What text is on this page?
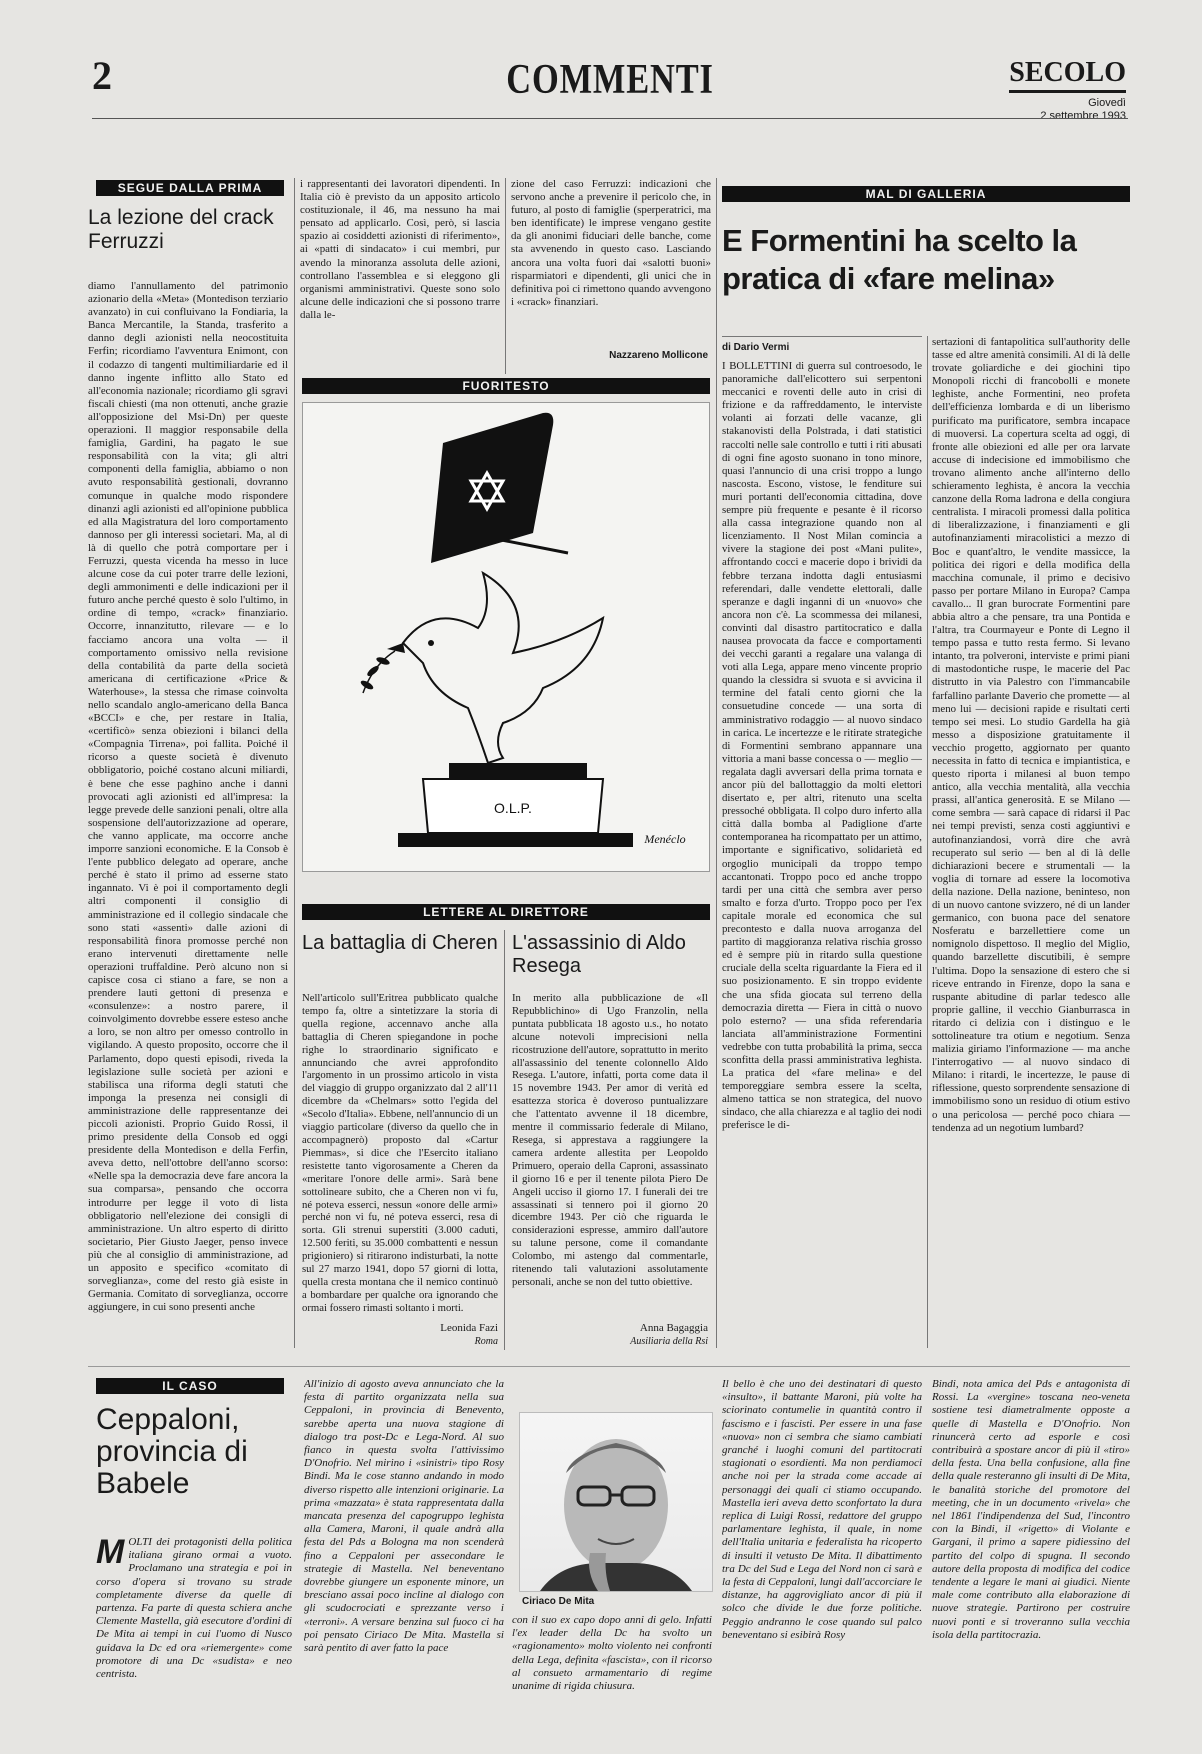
2	COMMENTI	SECOLO
Giovedì
2 settembre 1993
SEGUE DALLA PRIMA
La lezione del crack Ferruzzi

diamo l'annullamento del patrimonio azionario della «Meta» (Montedison terziario avanzato) in cui confluivano la Fondiaria, la Banca Mercantile, la Standa, trasferito a danno degli azionisti nella neocostituita Ferfin; ricordiamo l'avventura Enimont, con il codazzo di tangenti multimiliardarie ed il danno ingente inflitto allo Stato ed all'economia nazionale; ricordiamo gli sgravi fiscali chiesti (ma non ottenuti, anche grazie all'opposizione del Msi-Dn) per queste operazioni. Il maggior responsabile della famiglia, Gardini, ha pagato le sue responsabilità con la vita; gli altri componenti della famiglia, abbiamo o non avuto responsabilità gestionali, dovranno comunque in qualche modo rispondere dinanzi agli azionisti ed all'opinione pubblica ed alla Magistratura del loro comportamento dannoso per gli interessi societari. Ma, al di là di quello che potrà comportare per i Ferruzzi, questa vicenda ha messo in luce alcune cose da cui poter trarre delle lezioni, degli ammonimenti e delle indicazioni per il futuro anche perché questo è solo l'ultimo, in ordine di tempo, «crack» finanziario. Occorre, innanzitutto, rilevare — e lo facciamo ancora una volta — il comportamento omissivo nella revisione della contabilità da parte della società americana di certificazione «Price & Waterhouse», la stessa che rimase coinvolta nello scandalo anglo-americano della Banca «BCCI» e che, per restare in Italia, «certificò» senza obiezioni i bilanci della «Compagnia Tirrena», poi fallita. Poiché il ricorso a queste società è divenuto obbligatorio, poiché costano alcuni miliardi, è bene che esse paghino anche i danni provocati agli azionisti ed all'impresa: la legge prevede delle sanzioni penali, oltre alla sospensione dell'autorizzazione ad operare, che vanno applicate, ma occorre anche imporre sanzioni economiche. E la Consob è l'ente pubblico delegato ad operare, anche perché è stato il primo ad esserne stato ingannato. Vi è poi il comportamento degli altri componenti il consiglio di amministrazione ed il collegio sindacale che sono stati «assenti» dalle azioni di responsabilità finora promosse perché non erano intervenuti direttamente nelle operazioni truffaldine. Però alcuno non si capisce cosa ci stiano a fare, se non a prendere lauti gettoni di presenza e «consulenze»: a nostro parere, il coinvolgimento dovrebbe essere esteso anche a loro, se non altro per omesso controllo in vigilando. A questo proposito, occorre che il Parlamento, dopo questi episodi, riveda la legislazione sulle società per azioni e stabilisca una riforma degli statuti che imponga la presenza nei consigli di amministrazione delle rappresentanze dei piccoli azionisti. Proprio Guido Rossi, il primo presidente della Consob ed oggi presidente della Montedison e della Ferfin, aveva detto, nell'ottobre dell'anno scorso: «Nelle spa la democrazia deve fare ancora la sua comparsa», pensando che occorra introdurre per legge il voto di lista obbligatorio nell'elezione dei consigli di amministrazione. Un altro esperto di diritto societario, Pier Giusto Jaeger, penso invece più che al consiglio di amministrazione, ad un apposito e specifico «comitato di sorveglianza», come del resto già esiste in Germania. Comitato di sorveglianza, occorre aggiungere, in cui sono presenti anche

i rappresentanti dei lavoratori dipendenti. In Italia ciò è previsto da un apposito articolo costituzionale, il 46, ma nessuno ha mai pensato ad applicarlo. Così, però, si lascia spazio ai cosiddetti azionisti di riferimento», ai «patti di sindacato» i cui membri, pur avendo la minoranza assoluta delle azioni, controllano l'assemblea e si eleggono gli organismi amministrativi. Queste sono solo alcune delle indicazioni che si possono trarre dalla le-

zione del caso Ferruzzi: indicazioni che servono anche a prevenire il pericolo che, in futuro, al posto di famiglie (sperperatrici, ma ben identificate) le imprese vengano gestite da gli anonimi fiduciari delle banche, come sta avvenendo in questo caso. Lasciando ancora una volta fuori dai «salotti buoni» risparmiatori e dipendenti, gli unici che in definitiva poi ci rimettono quando avvengono i «crack» finanziari.

Nazzareno Mollicone
FUORITESTO
O.L.P.
Menéclo
LETTERE AL DIRETTORE
La battaglia di Cheren

Nell'articolo sull'Eritrea pubblicato qualche tempo fa, oltre a sintetizzare la storia di quella regione, accennavo anche alla battaglia di Cheren spiegandone in poche righe lo straordinario significato e annunciando che avrei approfondito l'argomento in un prossimo articolo in vista del viaggio di gruppo organizzato dal 2 all'11 dicembre da «Chelmars» sotto l'egida del «Secolo d'Italia». Ebbene, nell'annuncio di un viaggio particolare (diverso da quello che in accompagnerò) proposto dal «Cartur Piemmas», si dice che l'Esercito italiano resistette tanto vigorosamente a Cheren da «meritare l'onore delle armi». Sarà bene sottolineare subito, che a Cheren non vi fu, né poteva esserci, nessun «onore delle armi» perché non vi fu, né poteva esserci, resa di sorta. Gli strenui superstiti (3.000 caduti, 12.500 feriti, su 35.000 combattenti e nessun prigioniero) si ritirarono indisturbati, la notte sul 27 marzo 1941, dopo 57 giorni di lotta, quella cresta montana che il nemico continuò a bombardare per qualche ora ignorando che ormai fossero rimasti soltanto i morti.

Leonida Fazi
Roma
L'assassinio di Aldo Resega

In merito alla pubblicazione de «Il Repubblichino» di Ugo Franzolin, nella puntata pubblicata 18 agosto u.s., ho notato alcune notevoli imprecisioni nella ricostruzione dell'autore, soprattutto in merito all'assassinio del tenente colonnello Aldo Resega. L'autore, infatti, porta come data il 15 novembre 1943. Per amor di verità ed esattezza storica è doveroso puntualizzare che l'attentato avvenne il 18 dicembre, mentre il commissario federale di Milano, Resega, si apprestava a raggiungere la camera ardente allestita per Leopoldo Primuero, operaio della Caproni, assassinato il giorno 16 e per il tenente pilota Piero De Angeli ucciso il giorno 17. I funerali dei tre assassinati si tennero poi il giorno 20 dicembre 1943. Per ciò che riguarda le considerazioni espresse, ammiro dall'autore su talune persone, come il comandante Colombo, mi astengo dal commentarle, ritenendo tali valutazioni assolutamente personali, anche se non del tutto obiettive.

Anna Bagaggia
Ausiliaria della Rsi
MAL DI GALLERIA
E Formentini ha scelto la pratica di «fare melina»
di Dario Vermi

I BOLLETTINI di guerra sul controesodo, le panoramiche dall'elicottero sui serpentoni meccanici e roventi delle auto in crisi di frizione e da raffreddamento, le interviste volanti ai forzati delle vacanze, gli stakanovisti della Polstrada, i dati statistici raccolti nelle sale controllo e tutti i riti abusati di ogni fine agosto suonano in tono minore, quasi l'annuncio di una crisi troppo a lungo nascosta. Escono, vistose, le fenditure sui muri portanti dell'economia cittadina, dove sempre più frequente e pesante è il ricorso alla cassa integrazione quando non al licenziamento. Il Nost Milan comincia a vivere la stagione dei post «Mani pulite», affrontando cocci e macerie dopo i brividi da febbre terzana indotta dagli entusiasmi referendari, dalle vendette elettorali, dalle speranze e dagli inganni di un «nuovo» che ancora non c'è. La scommessa dei milanesi, convinti dal disastro partitocratico e dalla nausea provocata da facce e comportamenti dei vecchi garanti a regalare una valanga di voti alla Lega, appare meno vincente proprio quando la clessidra si svuota e si avvicina il termine del fatali cento giorni che la consuetudine concede — una sorta di amministrativo rodaggio — al nuovo sindaco in carica. Le incertezze e le ritirate strategiche di Formentini sembrano appannare una vittoria a mani basse concessa o — meglio — regalata dagli avversari della prima tornata e ancor più del ballottaggio da molti elettori disertato e, per altri, ritenuto una scelta pressoché obbligata. Il colpo duro inferto alla città dalla bomba al Padiglione d'arte contemporanea ha ricompattato per un attimo, importante e significativo, solidarietà ed orgoglio municipali da troppo tempo accantonati. Troppo poco ed anche troppo tardi per una città che sembra aver perso smalto e forza d'urto. Troppo poco per l'ex capitale morale ed economica che sul precontesto e dalla nuova arroganza del partito di maggioranza relativa rischia grosso ed è sempre più in ritardo sulla questione cruciale della scelta riguardante la Fiera ed il suo posizionamento. E sin troppo evidente che una sfida giocata sul terreno della democrazia diretta — Fiera in città o nuovo polo esterno? — una sfida referendaria lanciata all'amministrazione Formentini vedrebbe con tutta probabilità la prima, secca sconfitta della prassi amministrativa leghista. La pratica del «fare melina» e del temporeggiare sembra essere la scelta, almeno tattica se non strategica, del nuovo sindaco, che alla chiarezza e al taglio dei nodi preferisce le di-

sertazioni di fantapolitica sull'authority delle tasse ed altre amenità consimili. Al di là delle trovate goliardiche e dei giochini tipo Monopoli ricchi di francobolli e monete leghiste, anche Formentini, neo profeta dell'efficienza lombarda e di un liberismo purificato ma purificatore, sembra incapace di muoversi. La copertura scelta ad oggi, di fronte alle obiezioni ed alle per ora larvate accuse di indecisione ed immobilismo che trovano alimento anche all'interno dello schieramento leghista, è ancora la vecchia canzone della Roma ladrona e della congiura centralista. I miracoli promessi dalla politica di liberalizzazione, i finanziamenti e gli autofinanziamenti miracolistici a mezzo di Boc e quant'altro, le vendite massicce, la politica dei rigori e della modifica della macchina comunale, il primo e decisivo passo per portare Milano in Europa? Campa cavallo... Il gran burocrate Formentini pare abbia altro a che pensare, tra una Pontida e l'altra, tra Courmayeur e Ponte di Legno il tempo passa e tutto resta fermo. Si levano intanto, tra polveroni, interviste e primi piani di mastodontiche ruspe, le macerie del Pac distrutto in via Palestro con l'immancabile farfallino parlante Daverio che promette — al meno lui — decisioni rapide e risultati certi tempo sei mesi. Lo studio Gardella ha già messo a disposizione gratuitamente il vecchio progetto, aggiornato per quanto necessita in fatto di tecnica e impiantistica, e questo riporta i milanesi al buon tempo antico, alla vecchia mentalità, alla vecchia prassi, all'antica generosità. E se Milano — come sembra — sarà capace di ridarsi il Pac nei tempi previsti, senza costi aggiuntivi e autofinanziandosi, vorrà dire che avrà recuperato sul serio — ben al di là delle dichiarazioni becere e strumentali — la voglia di tornare ad essere la locomotiva della nazione. Della nazione, beninteso, non di un nuovo cantone svizzero, né di un lander germanico, con buona pace del senatore Nosferatu e barzellettiere come un nomignolo dispettoso. Il meglio del Miglio, quando barzellette discutibili, è sempre l'ultima. Dopo la sensazione di estero che si riceve entrando in Firenze, dopo la sana e ruspante abitudine di parlar tedesco alle proprie galline, il vecchio Gianburrasca in ritardo ci delizia con i distinguo e le sottolineature tra otium e negotium. Senza malizia giriamo l'informazione — ma anche l'interrogativo — al nuovo sindaco di Milano: i ritardi, le incertezze, le pause di riflessione, questo sorprendente sensazione di immobilismo sono un residuo di otium estivo o una pericolosa — perché poco chiara — tendenza ad un negotium lumbard?

IL CASO
Ceppaloni, provincia di Babele
MOLTI dei protagonisti della politica italiana girano ormai a vuoto. Proclamano una strategia e poi in corso d'opera si trovano su strade completamente diverse da quelle di partenza. Fa parte di questa schiera anche Clemente Mastella, già esecutore d'ordini di De Mita ai tempi in cui l'uomo di Nusco guidava la Dc ed ora «riemergente» come promotore di una Dc «sudista» e neo centrista.

All'inizio di agosto aveva annunciato che la festa di partito organizzata nella sua Ceppaloni, in provincia di Benevento, sarebbe aperta una nuova stagione di dialogo tra post-Dc e Lega-Nord. Al suo fianco in questa svolta l'attivissimo D'Onofrio. Nel mirino i «sinistri» tipo Rosy Bindi. Ma le cose stanno andando in modo diverso rispetto alle intenzioni originarie. La prima «mazzata» è stata rappresentata dalla mancata presenza del capogruppo leghista alla Camera, Maroni, il quale andrà alla festa del Pds a Bologna ma non scenderà fino a Ceppaloni per assecondare le strategie di Mastella. Nel beneventano dovrebbe giungere un esponente minore, un bresciano assai poco incline al dialogo con gli scudocrociati e sprezzante verso i «terroni». A versare benzina sul fuoco ci ha poi pensato Ciriaco De Mita. Mastella si sarà pentito di aver fatto la pace

Ciriaco De Mita

con il suo ex capo dopo anni di gelo. Infatti l'ex leader della Dc ha svolto un «ragionamento» molto violento nei confronti della Lega, definita «fascista», con il ricorso al consueto armamentario di regime unanime di rigida chiusura.

Il bello è che uno dei destinatari di questo «insulto», il battante Maroni, più volte ha sciorinato contumelie in quantità contro il fascismo e i fascisti. Per essere in una fase «nuova» non ci sembra che siamo cambiati granché i luoghi comuni del partitocrati stagionati o esordienti. Ma non perdiamoci anche noi per la strada come accade ai personaggi dei quali ci stiamo occupando. Mastella ieri aveva detto sconfortato la dura replica di Luigi Rossi, redattore del gruppo parlamentare leghista, il quale, in nome dell'Italia unitaria e federalista ha ricoperto di insulti il vetusto De Mita. Il dibattimento tra Dc del Sud e Lega del Nord non ci sarà e la festa di Ceppaloni, lungi dall'accorciare le distanze, ha aggrovigliato ancor di più il solco che divide le due forze politiche. Peggio andranno le cose quando sul palco beneventano si esibirà Rosy

Bindi, nota amica del Pds e antagonista di Rossi. La «vergine» toscana neo-veneta sostiene tesi diametralmente opposte a quelle di Mastella e D'Onofrio. Non rinuncerà certo ad esporle e così contribuirà a spostare ancor di più il «tiro» della festa. Una bella confusione, alla fine della quale resteranno gli insulti di De Mita, le banalità storiche del promotore del meeting, che in un documento «rivela» che nel 1861 l'indipendenza del Sud, l'incontro con la Bindi, il «rigetto» di Violante e Gargani, il primo a sapere pidiessino del partito del colpo di spugna. Il secondo autore della proposta di modifica del codice tendente a legare le mani ai giudici. Niente male come contributo alla elaborazione di nuove strategie. Partirono per costruire nuovi ponti e si troveranno sulla vecchia isola della partitocrazia.
